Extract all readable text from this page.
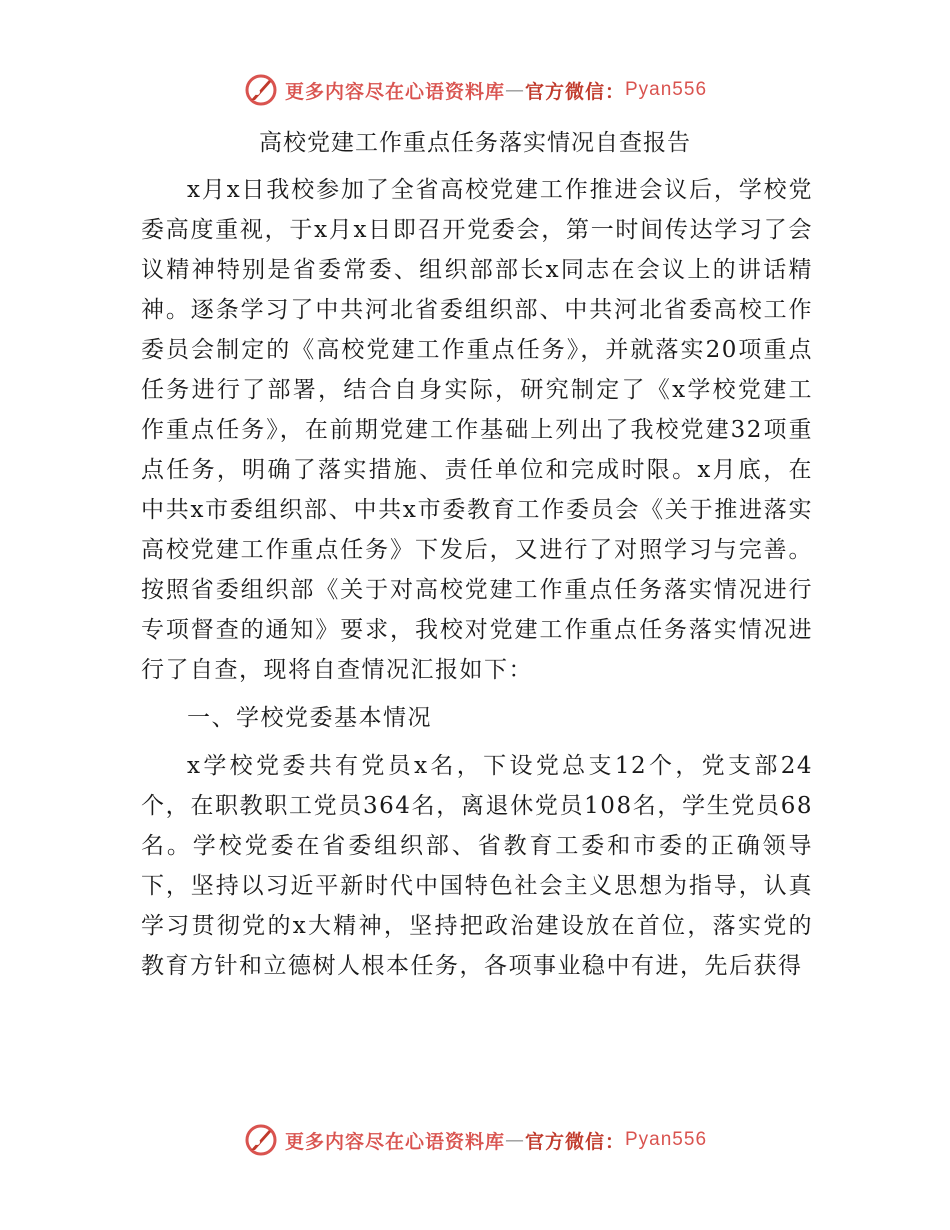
更多内容尽在心语资料库 — 官方微信： Pyan556
高校党建工作重点任务落实情况自查报告

x月x日我校参加了全省高校党建工作推进会议后，学校党委高度重视，于x月x日即召开党委会，第一时间传达学习了会议精神特别是省委常委、组织部部长x同志在会议上的讲话精神。逐条学习了中共河北省委组织部、中共河北省委高校工作委员会制定的《高校党建工作重点任务》，并就落实20项重点任务进行了部署，结合自身实际，研究制定了《x学校党建工作重点任务》，在前期党建工作基础上列出了我校党建32项重点任务，明确了落实措施、责任单位和完成时限。x月底，在中共x市委组织部、中共x市委教育工作委员会《关于推进落实高校党建工作重点任务》下发后，又进行了对照学习与完善。按照省委组织部《关于对高校党建工作重点任务落实情况进行专项督查的通知》要求，我校对党建工作重点任务落实情况进行了自查，现将自查情况汇报如下：

一、学校党委基本情况

x学校党委共有党员x名，下设党总支12个，党支部24个，在职教职工党员364名，离退休党员108名，学生党员68名。学校党委在省委组织部、省教育工委和市委的正确领导下，坚持以习近平新时代中国特色社会主义思想为指导，认真学习贯彻党的x大精神，坚持把政治建设放在首位，落实党的教育方针和立德树人根本任务，各项事业稳中有进，先后获得

更多内容尽在心语资料库 — 官方微信： Pyan556
